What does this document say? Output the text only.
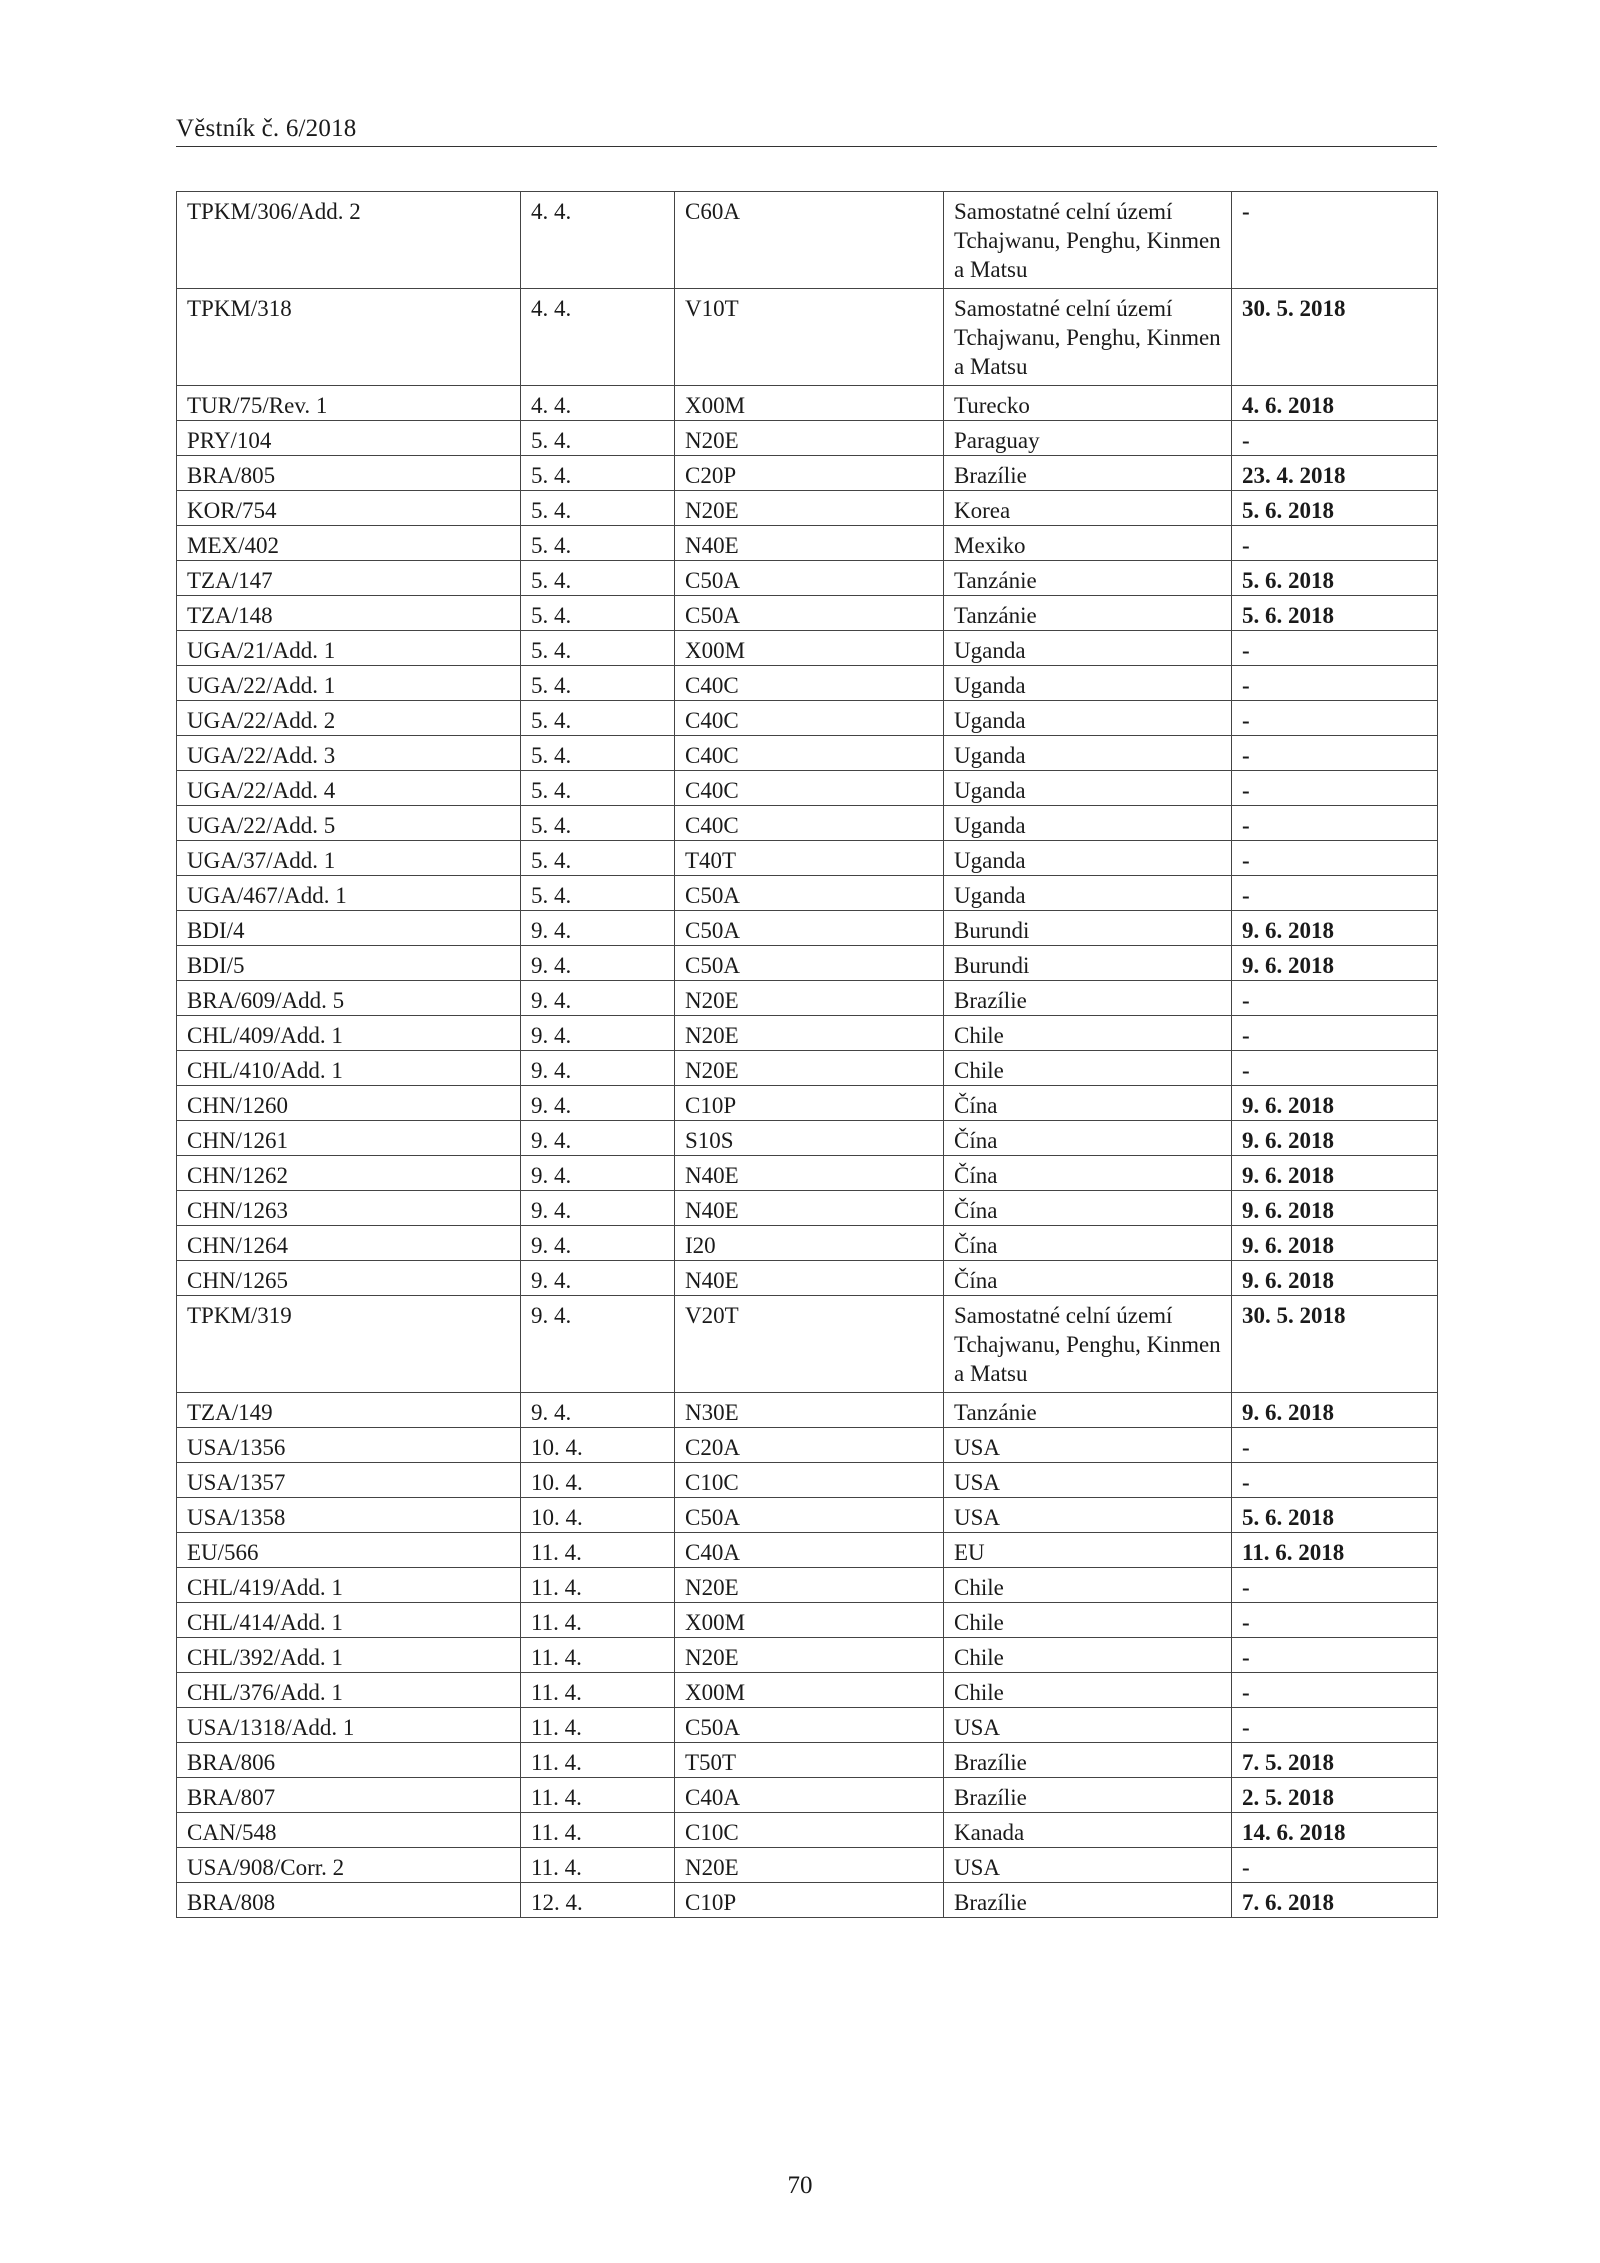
Věstník č. 6/2018
TPKM/306/Add. 2	4. 4.	C60A	Samostatné celní území Tchajwanu, Penghu, Kinmen a Matsu	-
TPKM/318	4. 4.	V10T	Samostatné celní území Tchajwanu, Penghu, Kinmen a Matsu	30. 5. 2018
TUR/75/Rev. 1	4. 4.	X00M	Turecko	4. 6. 2018
PRY/104	5. 4.	N20E	Paraguay	-
BRA/805	5. 4.	C20P	Brazílie	23. 4. 2018
KOR/754	5. 4.	N20E	Korea	5. 6. 2018
MEX/402	5. 4.	N40E	Mexiko	-
TZA/147	5. 4.	C50A	Tanzánie	5. 6. 2018
TZA/148	5. 4.	C50A	Tanzánie	5. 6. 2018
UGA/21/Add. 1	5. 4.	X00M	Uganda	-
UGA/22/Add. 1	5. 4.	C40C	Uganda	-
UGA/22/Add. 2	5. 4.	C40C	Uganda	-
UGA/22/Add. 3	5. 4.	C40C	Uganda	-
UGA/22/Add. 4	5. 4.	C40C	Uganda	-
UGA/22/Add. 5	5. 4.	C40C	Uganda	-
UGA/37/Add. 1	5. 4.	T40T	Uganda	-
UGA/467/Add. 1	5. 4.	C50A	Uganda	-
BDI/4	9. 4.	C50A	Burundi	9. 6. 2018
BDI/5	9. 4.	C50A	Burundi	9. 6. 2018
BRA/609/Add. 5	9. 4.	N20E	Brazílie	-
CHL/409/Add. 1	9. 4.	N20E	Chile	-
CHL/410/Add. 1	9. 4.	N20E	Chile	-
CHN/1260	9. 4.	C10P	Čína	9. 6. 2018
CHN/1261	9. 4.	S10S	Čína	9. 6. 2018
CHN/1262	9. 4.	N40E	Čína	9. 6. 2018
CHN/1263	9. 4.	N40E	Čína	9. 6. 2018
CHN/1264	9. 4.	I20	Čína	9. 6. 2018
CHN/1265	9. 4.	N40E	Čína	9. 6. 2018
TPKM/319	9. 4.	V20T	Samostatné celní území Tchajwanu, Penghu, Kinmen a Matsu	30. 5. 2018
TZA/149	9. 4.	N30E	Tanzánie	9. 6. 2018
USA/1356	10. 4.	C20A	USA	-
USA/1357	10. 4.	C10C	USA	-
USA/1358	10. 4.	C50A	USA	5. 6. 2018
EU/566	11. 4.	C40A	EU	11. 6. 2018
CHL/419/Add. 1	11. 4.	N20E	Chile	-
CHL/414/Add. 1	11. 4.	X00M	Chile	-
CHL/392/Add. 1	11. 4.	N20E	Chile	-
CHL/376/Add. 1	11. 4.	X00M	Chile	-
USA/1318/Add. 1	11. 4.	C50A	USA	-
BRA/806	11. 4.	T50T	Brazílie	7. 5. 2018
BRA/807	11. 4.	C40A	Brazílie	2. 5. 2018
CAN/548	11. 4.	C10C	Kanada	14. 6. 2018
USA/908/Corr. 2	11. 4.	N20E	USA	-
BRA/808	12. 4.	C10P	Brazílie	7. 6. 2018
70
